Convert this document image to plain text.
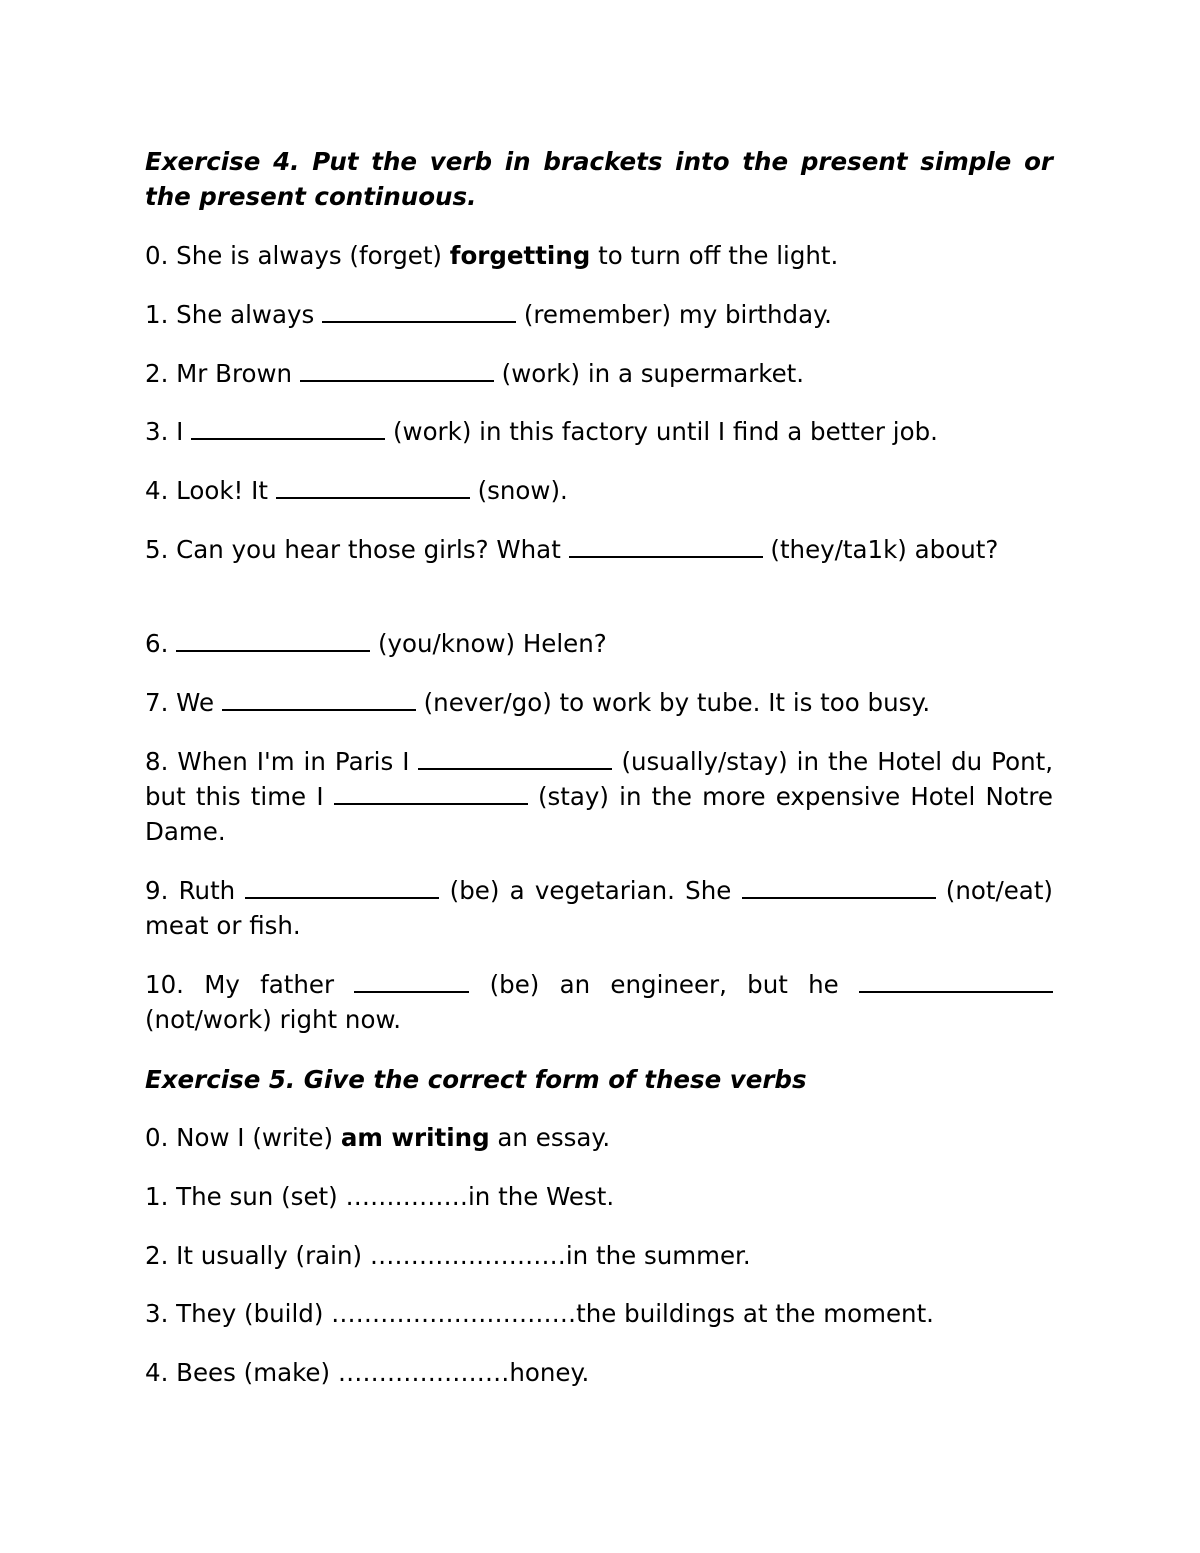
Exercise 4. Put the verb in brackets into the present simple or the present continuous.

0. She is always (forget) forgetting to turn off the light.

1. She always	(remember) my birthday.

2. Mr Brown	(work) in a supermarket.

3. I	(work) in this factory until I find a better job.

4. Look! It	(snow).

5. Can you hear those girls? What	(they/ta1k) about?

6.	(you/know) Helen?

7. We	(never/go) to work by tube. It is too busy.

8. When I'm in Paris I	(usually/stay) in the Hotel du Pont, but this time I	(stay) in the more expensive Hotel Notre Dame.

9. Ruth	(be) a vegetarian. She	(not/eat) meat or fish.

10. My father	(be) an engineer, but he  (not/work) right now.

Exercise 5. Give the correct form of these verbs

0. Now I (write) am writing an essay.

1. The sun (set) ……………in the West.

2. It usually (rain) ……………………in the summer.

3. They (build) …………………………the buildings at the moment.

4. Bees (make) …………………honey.
